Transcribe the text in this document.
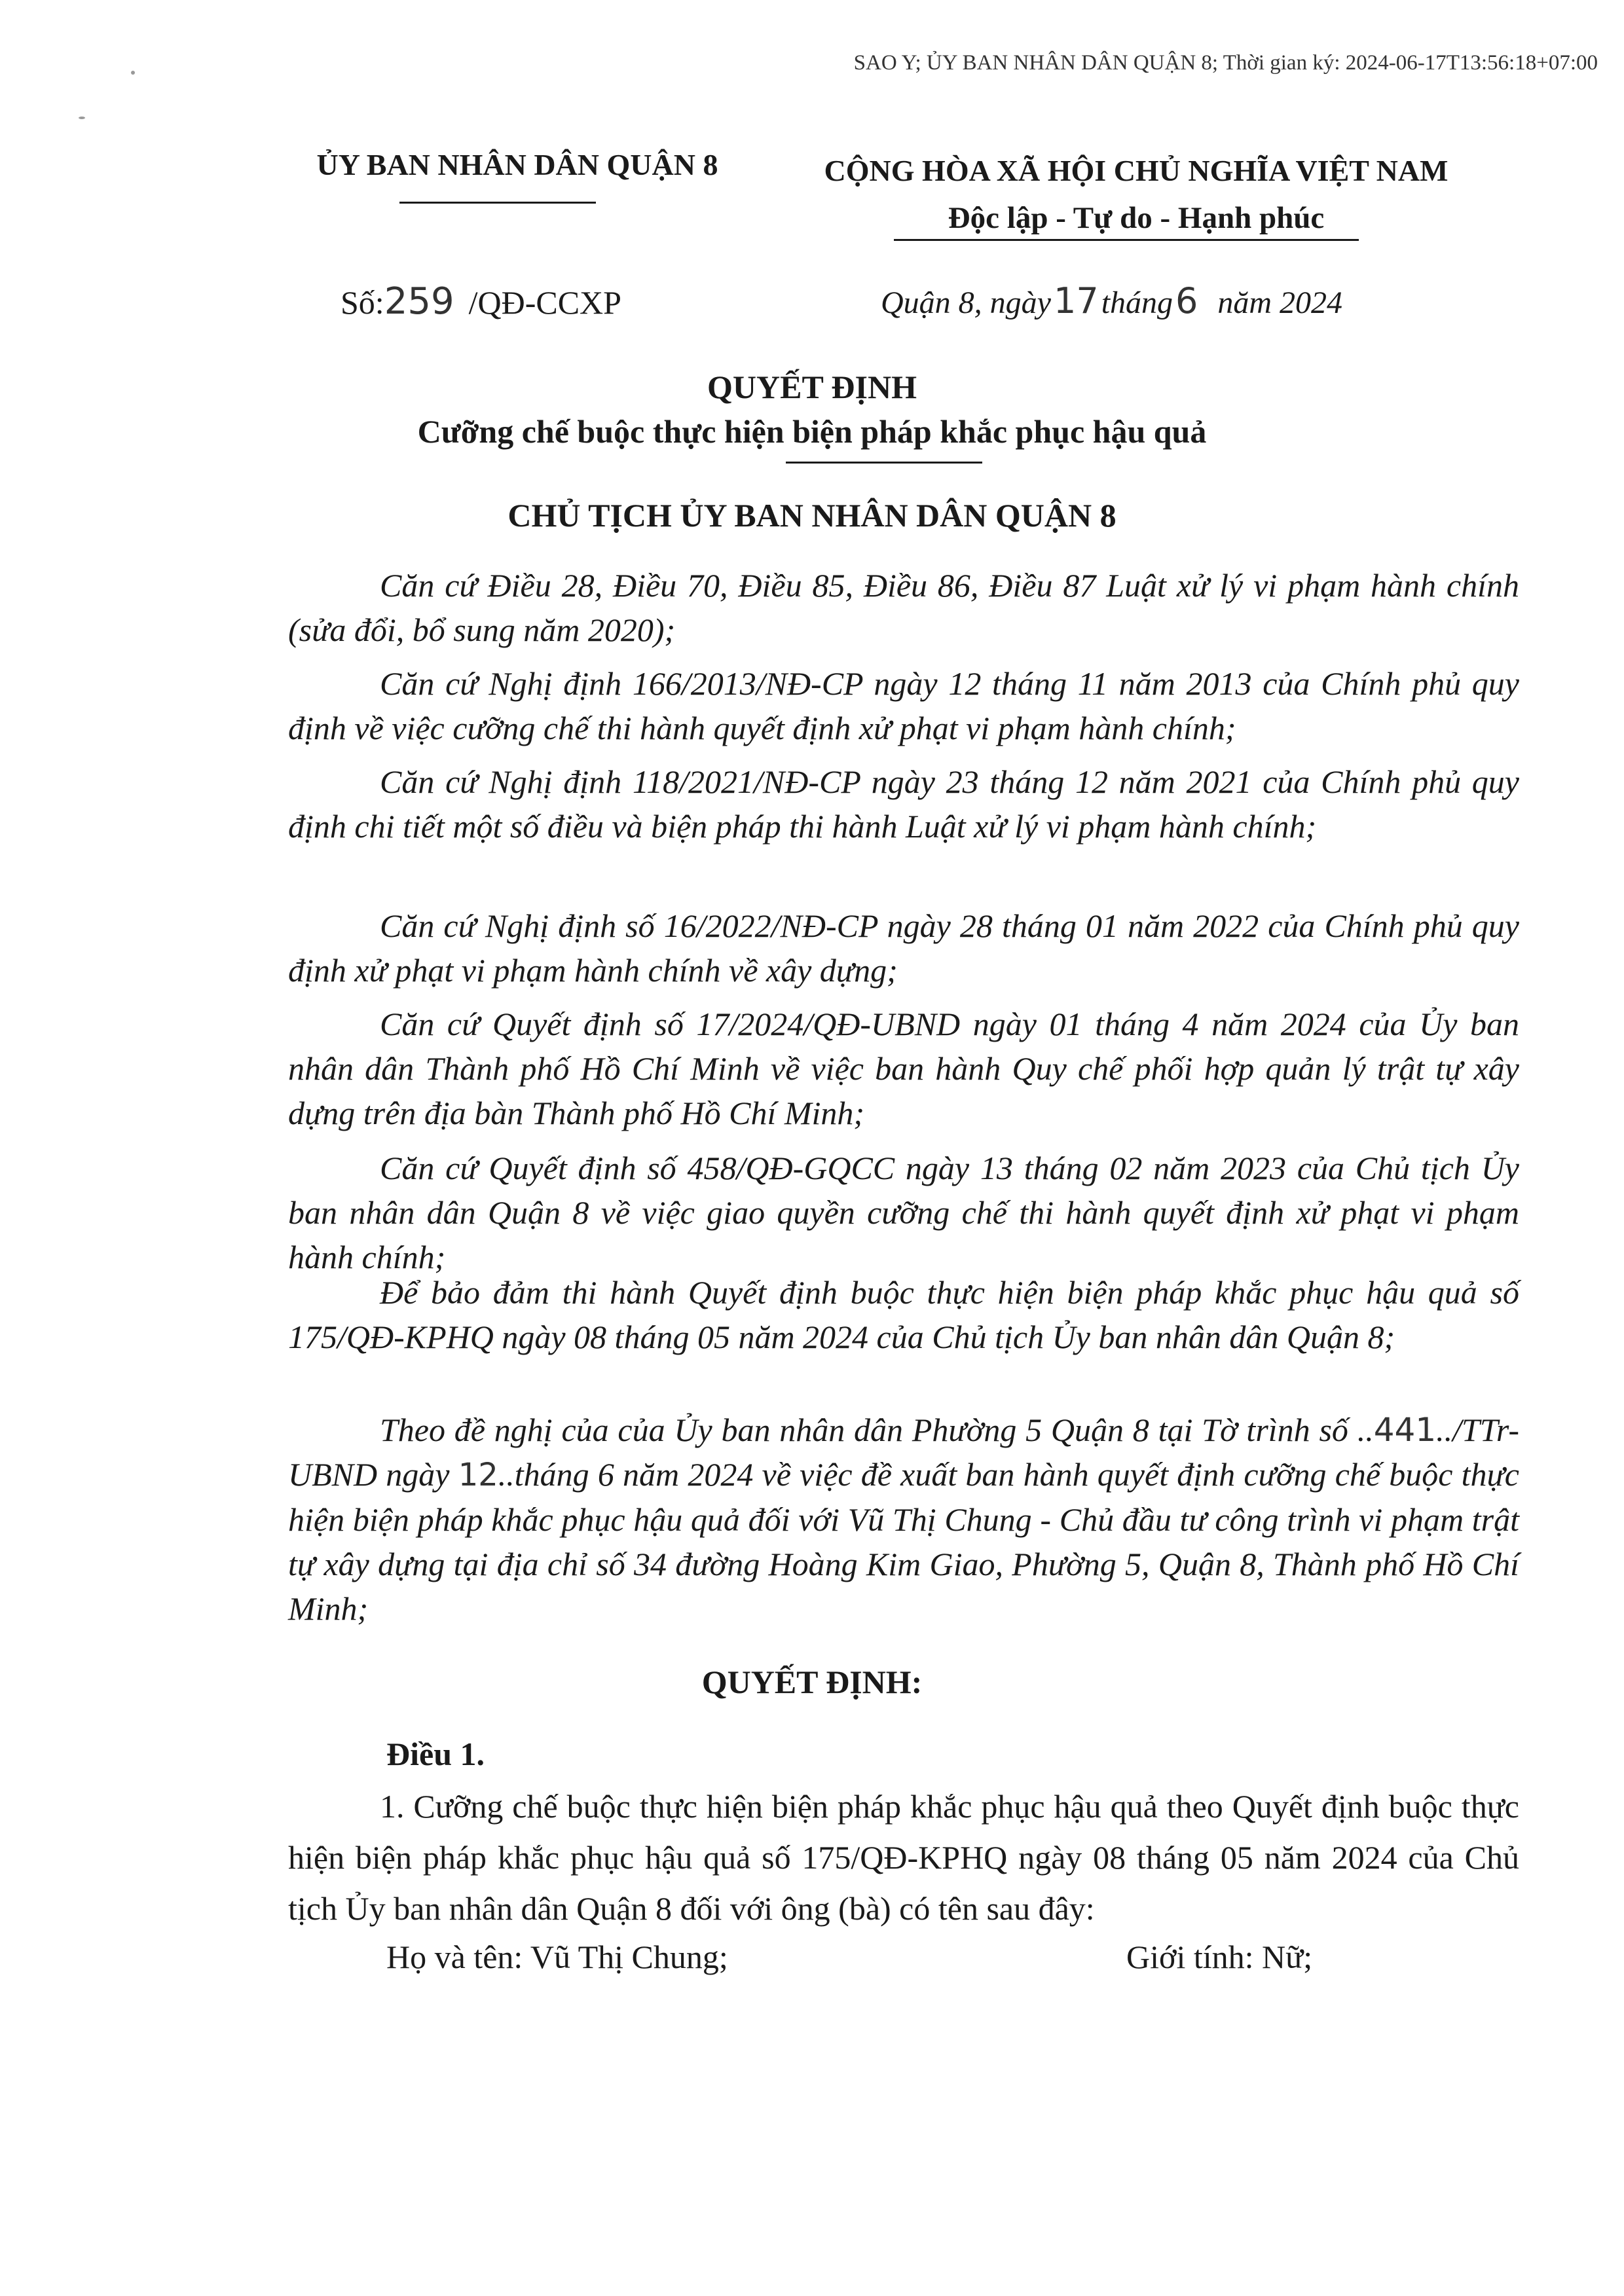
SAO Y; ỦY BAN NHÂN DÂN QUẬN 8; Thời gian ký: 2024-06-17T13:56:18+07:00
ỦY BAN NHÂN DÂN QUẬN 8	CỘNG HÒA XÃ HỘI CHỦ NGHĨA VIỆT NAM
Độc lập - Tự do - Hạnh phúc
Số:259 /QĐ-CCXP	Quận 8, ngày17tháng6 năm 2024
QUYẾT ĐỊNH
Cưỡng chế buộc thực hiện biện pháp khắc phục hậu quả
CHỦ TỊCH ỦY BAN NHÂN DÂN QUẬN 8
Căn cứ Điều 28, Điều 70, Điều 85, Điều 86, Điều 87 Luật xử lý vi phạm hành chính (sửa đổi, bổ sung năm 2020);
Căn cứ Nghị định 166/2013/NĐ-CP ngày 12 tháng 11 năm 2013 của Chính phủ quy định về việc cưỡng chế thi hành quyết định xử phạt vi phạm hành chính;
Căn cứ Nghị định 118/2021/NĐ-CP ngày 23 tháng 12 năm 2021 của Chính phủ quy định chi tiết một số điều và biện pháp thi hành Luật xử lý vi phạm hành chính;
Căn cứ Nghị định số 16/2022/NĐ-CP ngày 28 tháng 01 năm 2022 của Chính phủ quy định xử phạt vi phạm hành chính về xây dựng;
Căn cứ Quyết định số 17/2024/QĐ-UBND ngày 01 tháng 4 năm 2024 của Ủy ban nhân dân Thành phố Hồ Chí Minh về việc ban hành Quy chế phối hợp quản lý trật tự xây dựng trên địa bàn Thành phố Hồ Chí Minh;
Căn cứ Quyết định số 458/QĐ-GQCC ngày 13 tháng 02 năm 2023 của Chủ tịch Ủy ban nhân dân Quận 8 về việc giao quyền cưỡng chế thi hành quyết định xử phạt vi phạm hành chính;
Để bảo đảm thi hành Quyết định buộc thực hiện biện pháp khắc phục hậu quả số 175/QĐ-KPHQ ngày 08 tháng 05 năm 2024 của Chủ tịch Ủy ban nhân dân Quận 8;
Theo đề nghị của của Ủy ban nhân dân Phường 5 Quận 8 tại Tờ trình số ..441../TTr-UBND ngày 12..tháng 6 năm 2024 về việc đề xuất ban hành quyết định cưỡng chế buộc thực hiện biện pháp khắc phục hậu quả đối với Vũ Thị Chung - Chủ đầu tư công trình vi phạm trật tự xây dựng tại địa chỉ số 34 đường Hoàng Kim Giao, Phường 5, Quận 8, Thành phố Hồ Chí Minh;
QUYẾT ĐỊNH:
Điều 1.
1. Cưỡng chế buộc thực hiện biện pháp khắc phục hậu quả theo Quyết định buộc thực hiện biện pháp khắc phục hậu quả số 175/QĐ-KPHQ ngày 08 tháng 05 năm 2024 của Chủ tịch Ủy ban nhân dân Quận 8 đối với ông (bà) có tên sau đây:
Họ và tên: Vũ Thị Chung;	Giới tính: Nữ;
